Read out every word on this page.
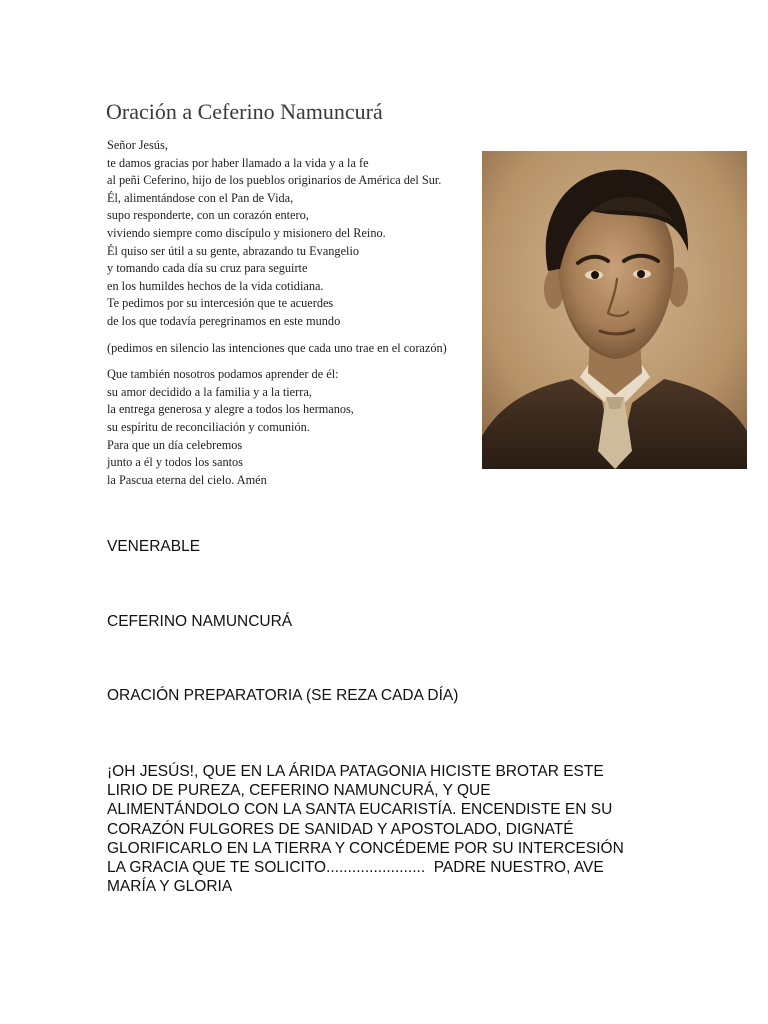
Oración a Ceferino Namuncurá
Señor Jesús,
te damos gracias por haber llamado a la vida y a la fe
al peñi Ceferino, hijo de los pueblos originarios de América del Sur.
Él, alimentándose con el Pan de Vida,
supo responderte, con un corazón entero,
viviendo siempre como discípulo y misionero del Reino.
Él quiso ser útil a su gente, abrazando tu Evangelio
y tomando cada día su cruz para seguirte
en los humildes hechos de la vida cotidiana.
Te pedimos por su intercesión que te acuerdes
de los que todavía peregrinamos en este mundo
(pedimos en silencio las intenciones que cada uno trae en el corazón)
Que también nosotros podamos aprender de él:
su amor decidido a la familia y a la tierra,
la entrega generosa y alegre a todos los hermanos,
su espíritu de reconciliación y comunión.
Para que un día celebremos
junto a él y todos los santos
la Pascua eterna del cielo. Amén
VENERABLE
CEFERINO NAMUNCURÁ
ORACIÓN PREPARATORIA (SE REZA CADA DÍA)
¡OH JESÚS!, QUE EN LA ÁRIDA PATAGONIA HICISTE BROTAR ESTE
LIRIO DE PUREZA, CEFERINO NAMUNCURÁ, Y QUE
ALIMENTÁNDOLO CON LA SANTA EUCARISTÍA. ENCENDISTE EN SU
CORAZÓN FULGORES DE SANIDAD Y APOSTOLADO, DIGNATÉ
GLORIFICARLO EN LA TIERRA Y CONCÉDEME POR SU INTERCESIÓN
LA GRACIA QUE TE SOLICITO.......................  PADRE NUESTRO, AVE
MARÍA Y GLORIA
